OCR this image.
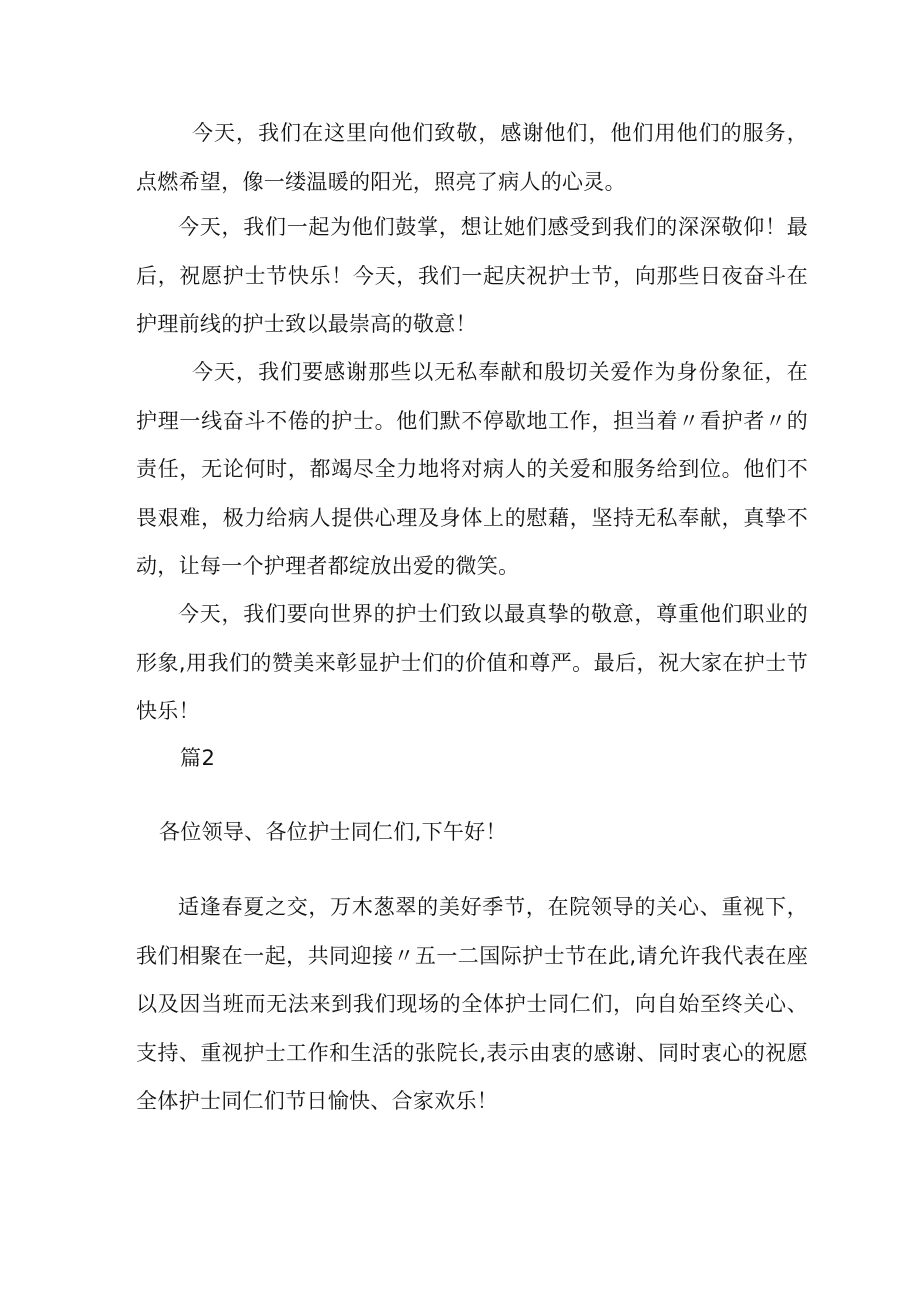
今天，我们在这里向他们致敬，感谢他们，他们用他们的服务，点燃希望，像一缕温暖的阳光，照亮了病人的心灵。

今天，我们一起为他们鼓掌，想让她们感受到我们的深深敬仰！最后，祝愿护士节快乐！今天，我们一起庆祝护士节，向那些日夜奋斗在护理前线的护士致以最崇高的敬意！

今天，我们要感谢那些以无私奉献和殷切关爱作为身份象征，在护理一线奋斗不倦的护士。他们默不停歇地工作，担当着〃看护者〃的责任，无论何时，都竭尽全力地将对病人的关爱和服务给到位。他们不畏艰难，极力给病人提供心理及身体上的慰藉，坚持无私奉献，真挚不动，让每一个护理者都绽放出爱的微笑。

今天，我们要向世界的护士们致以最真挚的敬意，尊重他们职业的形象,用我们的赞美来彰显护士们的价值和尊严。最后，祝大家在护士节快乐！

篇2

各位领导、各位护士同仁们,下午好！

适逢春夏之交，万木葱翠的美好季节，在院领导的关心、重视下，我们相聚在一起，共同迎接〃五一二国际护士节在此,请允许我代表在座以及因当班而无法来到我们现场的全体护士同仁们，向自始至终关心、支持、重视护士工作和生活的张院长,表示由衷的感谢、同时衷心的祝愿全体护士同仁们节日愉快、合家欢乐！
